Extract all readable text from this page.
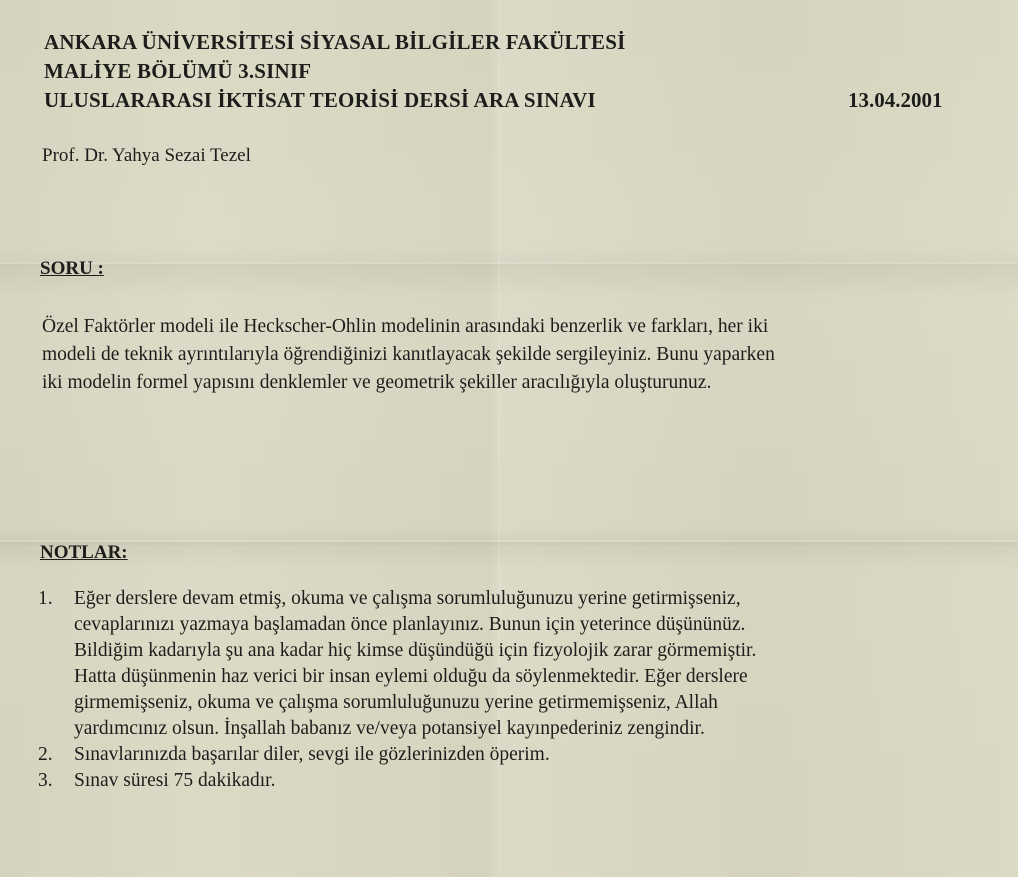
ANKARA ÜNİVERSİTESİ SİYASAL BİLGİLER FAKÜLTESİ
MALİYE BÖLÜMÜ 3.SINIF
ULUSLARARASI İKTİSAT TEORİSİ DERSİ ARA SINAVI	13.04.2001
Prof. Dr. Yahya Sezai Tezel
SORU :
Özel Faktörler modeli ile Heckscher-Ohlin modelinin arasındaki benzerlik ve farkları, her iki
modeli de teknik ayrıntılarıyla öğrendiğinizi kanıtlayacak şekilde sergileyiniz. Bunu yaparken
iki modelin formel yapısını denklemler ve geometrik şekiller aracılığıyla oluşturunuz.
NOTLAR:
1. Eğer derslere devam etmiş, okuma ve çalışma sorumluluğunuzu yerine getirmişseniz,
cevaplarınızı yazmaya başlamadan önce planlayınız. Bunun için yeterince düşününüz.
Bildiğim kadarıyla şu ana kadar hiç kimse düşündüğü için fizyolojik zarar görmemiştir.
Hatta düşünmenin haz verici bir insan eylemi olduğu da söylenmektedir. Eğer derslere
girmemişseniz, okuma ve çalışma sorumluluğunuzu yerine getirmemişseniz, Allah
yardımcınız olsun. İnşallah babanız ve/veya potansiyel kayınpederiniz zengindir.
2. Sınavlarınızda başarılar diler, sevgi ile gözlerinizden öperim.
3. Sınav süresi 75 dakikadır.
